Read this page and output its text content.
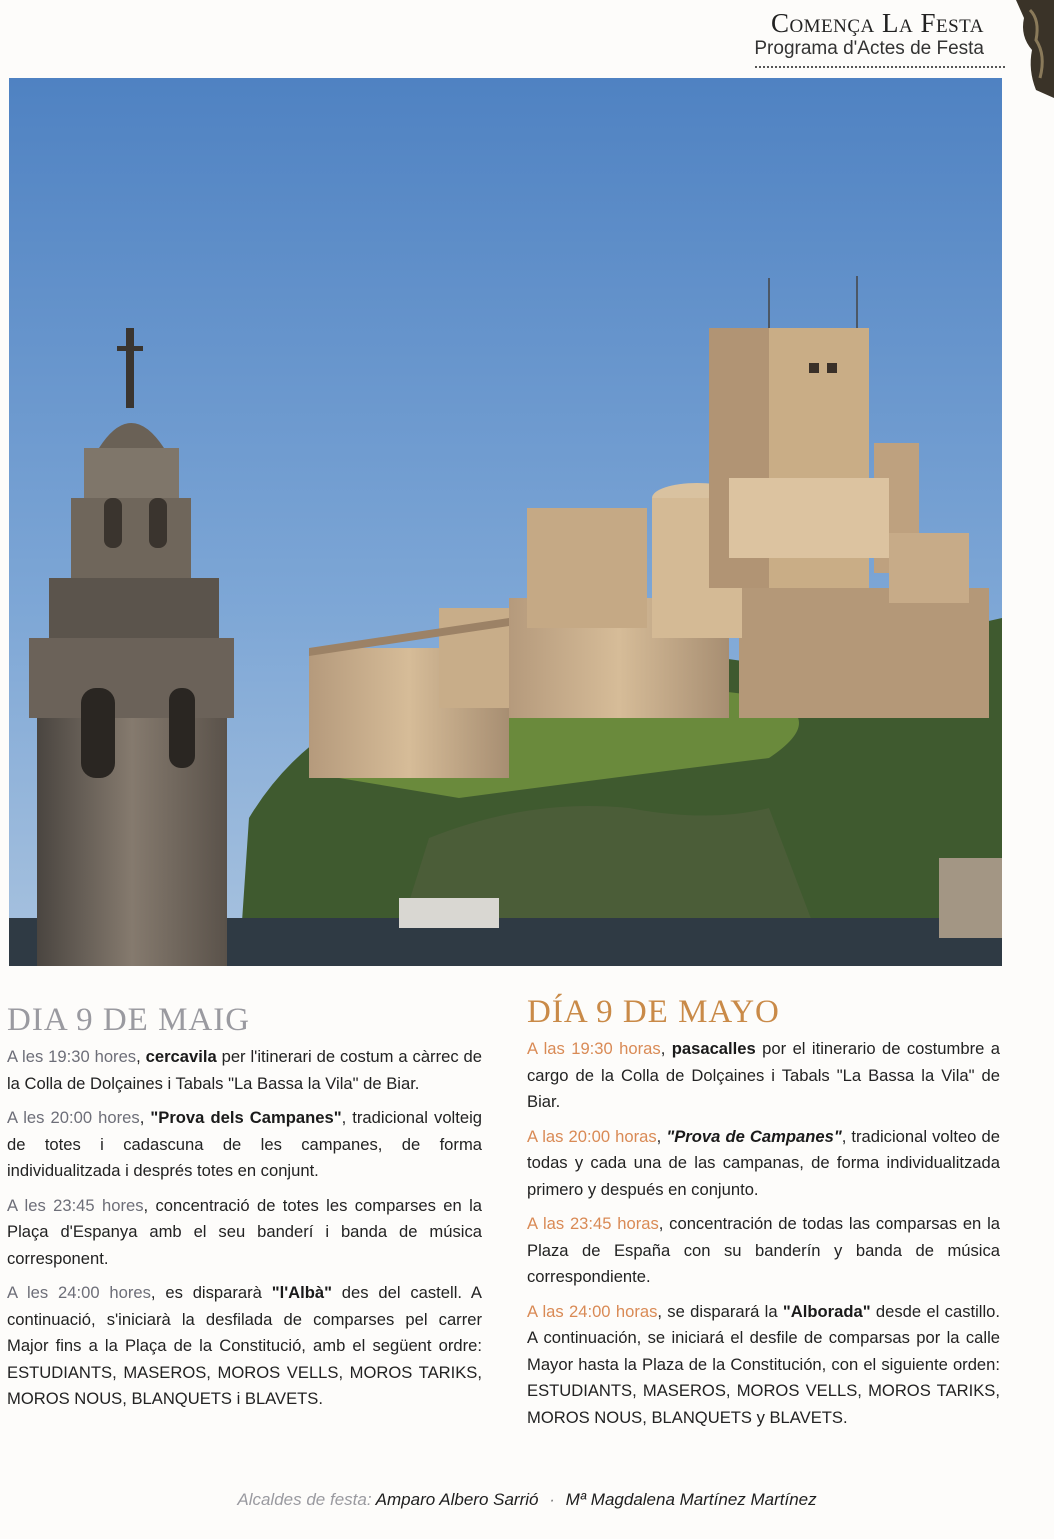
Comença La Festa
Programa d'Actes de Festa
DIA 9 DE MAIG

A les 19:30 hores, cercavila per l'itinerari de costum a càrrec de la Colla de Dolçaines i Tabals "La Bassa la Vila" de Biar.

A les 20:00 hores, "Prova dels Campanes", tradicional volteig de totes i cadascuna de les campanes, de forma individualitzada i després totes en conjunt.

A les 23:45 hores, concentració de totes les comparses en la Plaça d'Espanya amb el seu banderí i banda de música corresponent.

A les 24:00 hores, es dispararà "l'Albà" des del castell. A continuació, s'iniciarà la desfilada de comparses pel carrer Major fins a la Plaça de la Constitució, amb el següent ordre: ESTUDIANTS, MASEROS, MOROS VELLS, MOROS TARIKS, MOROS NOUS, BLANQUETS i BLAVETS.

DÍA 9 DE MAYO

A las 19:30 horas, pasacalles por el itinerario de costumbre a cargo de la Colla de Dolçaines i Tabals "La Bassa la Vila" de Biar.

A las 20:00 horas, "Prova de Campanes", tradicional volteo de todas y cada una de las campanas, de forma individualitzada primero y después en conjunto.

A las 23:45 horas, concentración de todas las comparsas en la Plaza de España con su banderín y banda de música correspondiente.

A las 24:00 horas, se disparará la "Alborada" desde el castillo. A continuación, se iniciará el desfile de comparsas por la calle Mayor hasta la Plaza de la Constitución, con el siguiente orden: ESTUDIANTS, MASEROS, MOROS VELLS, MOROS TARIKS, MOROS NOUS, BLANQUETS y BLAVETS.

Alcaldes de festa: Amparo Albero Sarrió · Mª Magdalena Martínez Martínez
